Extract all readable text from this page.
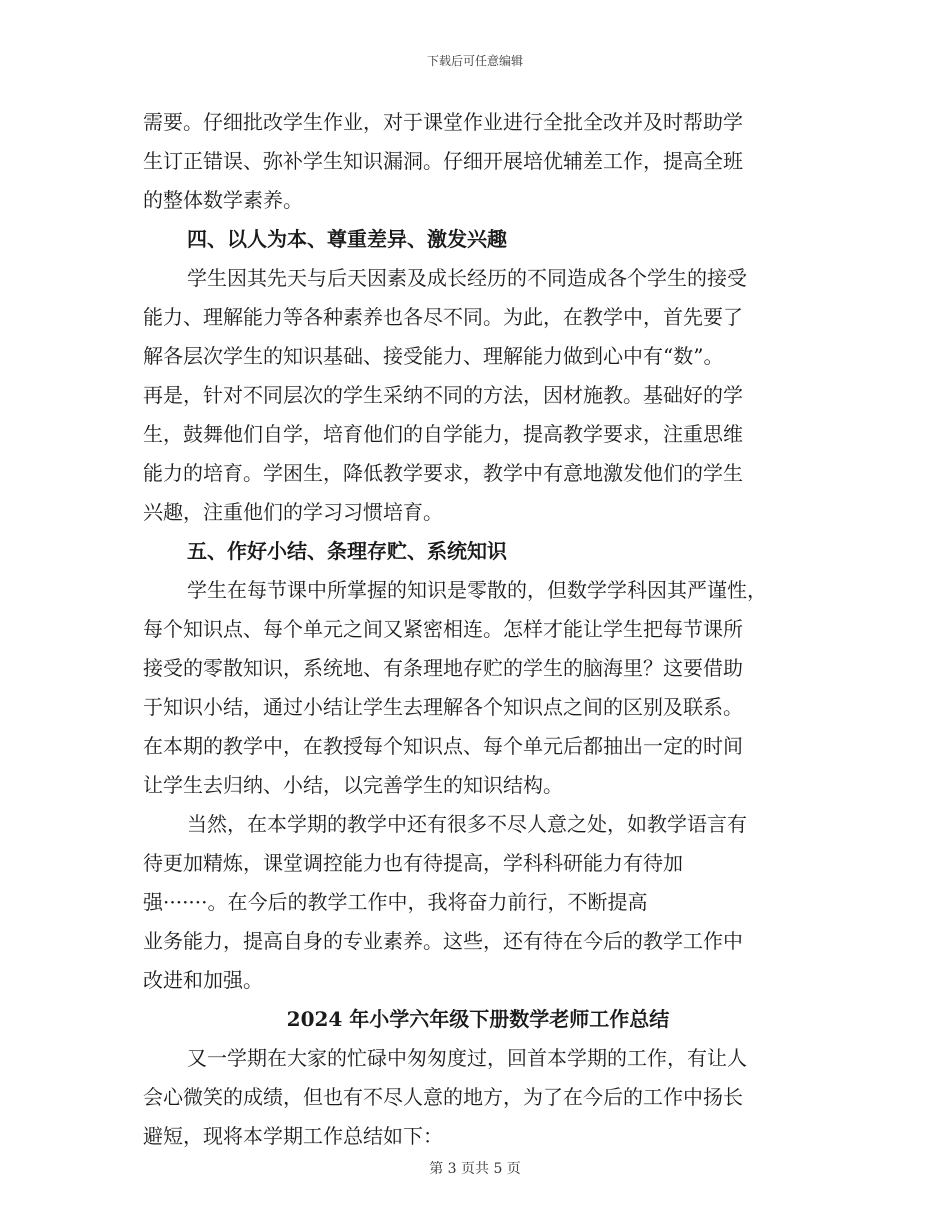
下载后可任意编辑
需要。仔细批改学生作业，对于课堂作业进行全批全改并及时帮助学
生订正错误、弥补学生知识漏洞。仔细开展培优辅差工作，提高全班
的整体数学素养。
四、以人为本、尊重差异、激发兴趣
学生因其先天与后天因素及成长经历的不同造成各个学生的接受
能力、理解能力等各种素养也各尽不同。为此，在教学中，首先要了
解各层次学生的知识基础、接受能力、理解能力做到心中有“数”。
再是，针对不同层次的学生采纳不同的方法，因材施教。基础好的学
生，鼓舞他们自学，培育他们的自学能力，提高教学要求，注重思维
能力的培育。学困生，降低教学要求，教学中有意地激发他们的学生
兴趣，注重他们的学习习惯培育。
五、作好小结、条理存贮、系统知识
学生在每节课中所掌握的知识是零散的，但数学学科因其严谨性，
每个知识点、每个单元之间又紧密相连。怎样才能让学生把每节课所
接受的零散知识，系统地、有条理地存贮的学生的脑海里？这要借助
于知识小结，通过小结让学生去理解各个知识点之间的区别及联系。
在本期的教学中，在教授每个知识点、每个单元后都抽出一定的时间
让学生去归纳、小结，以完善学生的知识结构。
当然，在本学期的教学中还有很多不尽人意之处，如教学语言有
待更加精炼，课堂调控能力也有待提高，学科科研能力有待加
强·······。在今后的教学工作中，我将奋力前行，不断提高
业务能力，提高自身的专业素养。这些，还有待在今后的教学工作中
改进和加强。
2024 年小学六年级下册数学老师工作总结
又一学期在大家的忙碌中匆匆度过，回首本学期的工作，有让人
会心微笑的成绩，但也有不尽人意的地方，为了在今后的工作中扬长
避短，现将本学期工作总结如下：
第 3 页共 5 页
